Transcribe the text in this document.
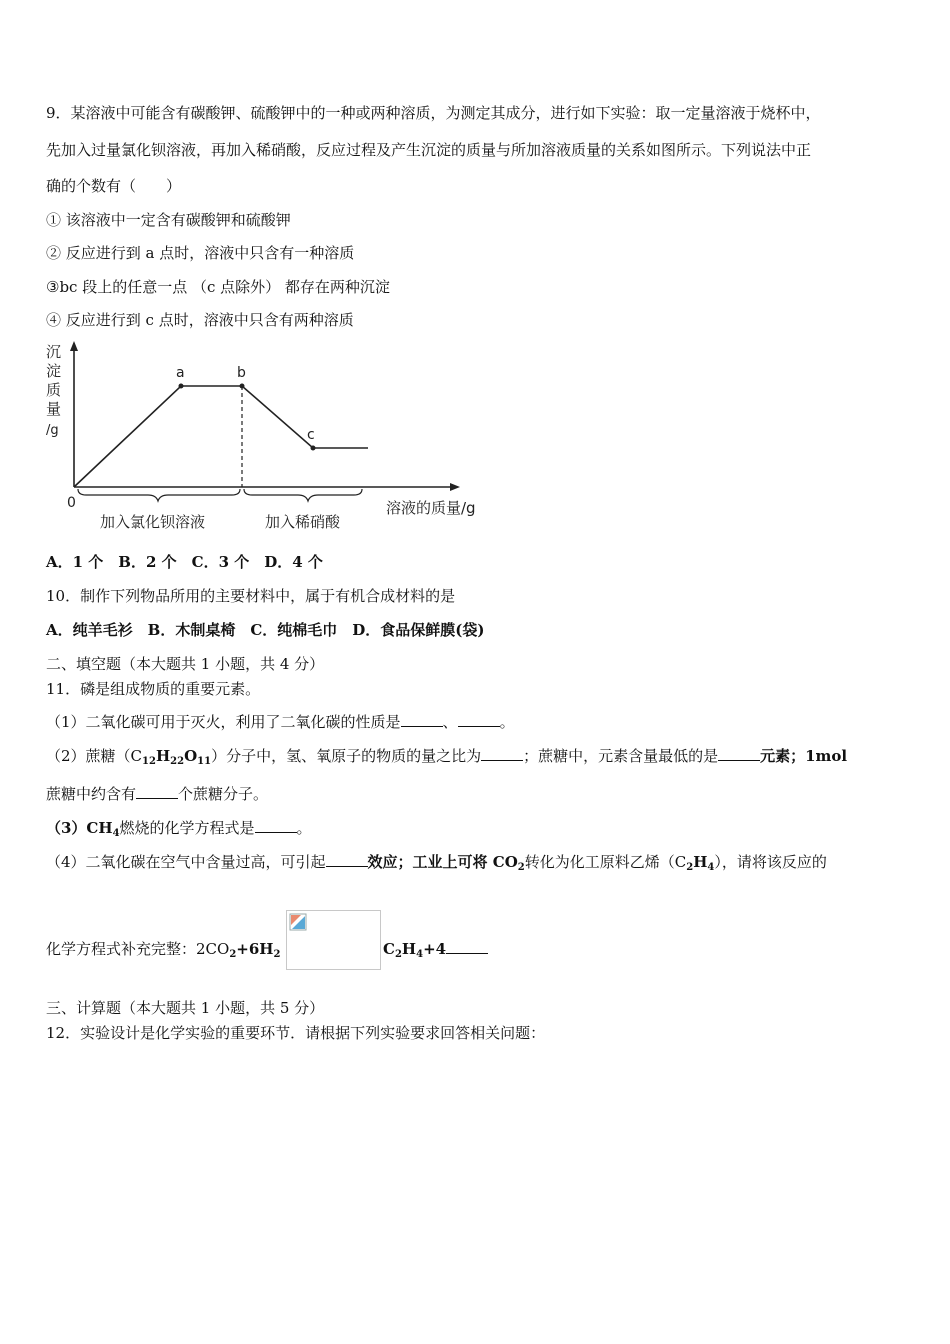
9．某溶液中可能含有碳酸钾、硫酸钾中的一种或两种溶质，为测定其成分，进行如下实验：取一定量溶液于烧杯中，
先加入过量氯化钡溶液，再加入稀硝酸，反应过程及产生沉淀的质量与所加溶液质量的关系如图所示。下列说法中正
确的个数有（　　）
① 该溶液中一定含有碳酸钾和硫酸钾
② 反应进行到 a 点时，溶液中只含有一种溶质
③bc 段上的任意一点 （c 点除外） 都存在两种沉淀
④ 反应进行到 c 点时，溶液中只含有两种溶质
沉
淀
质
量
/g
a	b
c
0	溶液的质量/g
加入氯化钡溶液	加入稀硝酸
A．1 个　B．2 个　C．3 个　D．4 个
10．制作下列物品所用的主要材料中，属于有机合成材料的是
A．纯羊毛衫　B．木制桌椅　C．纯棉毛巾　D．食品保鲜膜(袋)
二、填空题（本大题共 1 小题，共 4 分）
11．磷是组成物质的重要元素。
（1）二氧化碳可用于灭火，利用了二氧化碳的性质是	、	。
（2）蔗糖$(C_{12}H_{22}O_{11})$分子中，氢、氧原子的物质的量之比为	；蔗糖中，元素含量最低的是	元素；1mol
蔗糖中约含有	个蔗糖分子。
$(3)CH_4$燃烧的化学方程式是	。
（4）二氧化碳在空气中含量过高，可引起	效应；工业上可将 $CO_2$转化为化工原料乙烯$(C_2H_4)$，请将该反应的
化学方程式补充完整：$2CO_2+6H_2$	$C_2H_4+4$
三、计算题（本大题共 1 小题，共 5 分）
12．实验设计是化学实验的重要环节．请根据下列实验要求回答相关问题：
